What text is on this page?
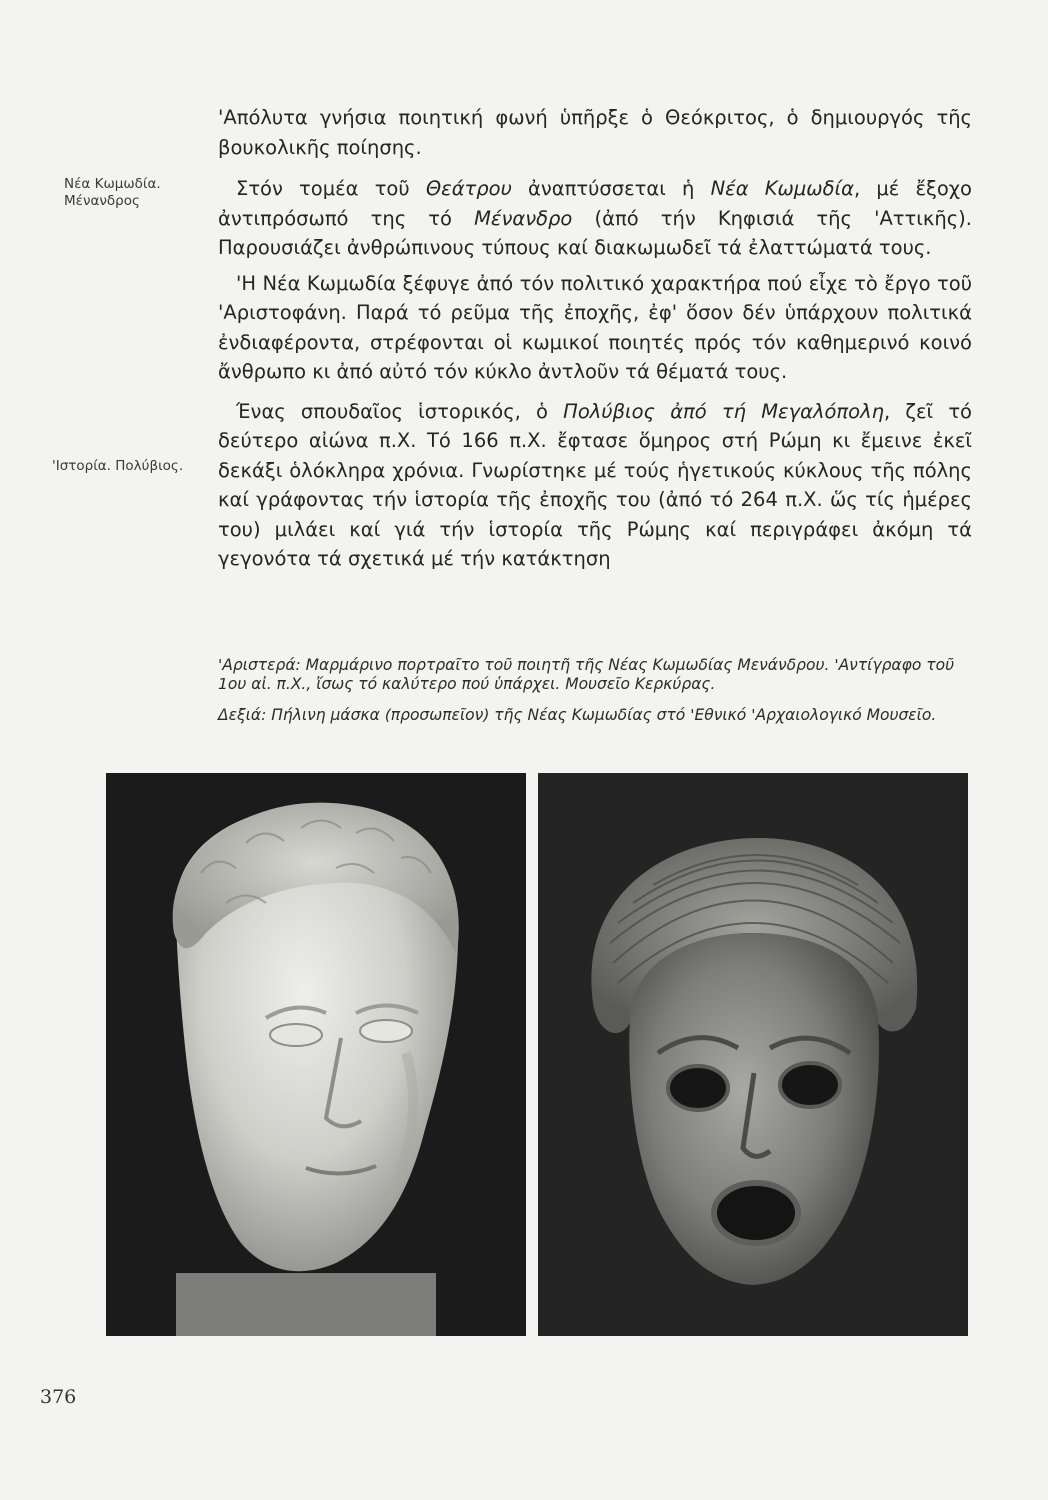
Νέα Κωμωδία. Μένανδρος
'Ιστορία. Πολύβιος.

'Απόλυτα γνήσια ποιητική φωνή ὑπῆρξε ὁ Θεόκριτος, ὁ δημιουργός τῆς βουκολικῆς ποίησης.

Στόν τομέα τοῦ Θεάτρου ἀναπτύσσεται ἡ Νέα Κωμωδία, μέ ἔξοχο ἀντιπρόσωπό της τό Μένανδρο (ἀπό τήν Κηφισιά τῆς 'Αττικῆς). Παρουσιάζει ἀνθρώπινους τύπους καί διακωμωδεῖ τά ἐλαττώματά τους.

'Η Νέα Κωμωδία ξέφυγε ἀπό τόν πολιτικό χαρακτήρα πού εἶχε τὸ ἔργο τοῦ 'Αριστοφάνη. Παρά τό ρεῦμα τῆς ἐποχῆς, ἐφ' ὅσον δέν ὑπάρχουν πολιτικά ἐνδιαφέροντα, στρέφονται οἱ κωμικοί ποιητές πρός τόν καθημερινό κοινό ἄνθρωπο κι ἀπό αὐτό τόν κύκλο ἀντλοῦν τά θέματά τους.

Ένας σπουδαῖος ἱστορικός, ὁ Πολύβιος ἀπό τή Μεγαλόπολη, ζεῖ τό δεύτερο αἰώνα π.Χ. Τό 166 π.Χ. ἔφτασε ὅμηρος στή Ρώμη κι ἔμεινε ἐκεῖ δεκάξι ὁλόκληρα χρόνια. Γνωρίστηκε μέ τούς ἡγετικούς κύκλους τῆς πόλης καί γράφοντας τήν ἱστορία τῆς ἐποχῆς του (ἀπό τό 264 π.Χ. ὥς τίς ἡμέρες του) μιλάει καί γιά τήν ἱστορία τῆς Ρώμης καί περιγράφει ἀκόμη τά γεγονότα τά σχετικά μέ τήν κατάκτηση

'Αριστερά: Μαρμάρινο πορτραῖτο τοῦ ποιητῆ τῆς Νέας Κωμωδίας Μενάνδρου. 'Αντίγραφο τοῦ 1ου αἰ. π.Χ., ἴσως τό καλύτερο πού ὑπάρχει. Μουσεῖο Κερκύρας.

Δεξιά: Πήλινη μάσκα (προσωπεῖον) τῆς Νέας Κωμωδίας στό 'Εθνικό 'Αρχαιολογικό Μουσεῖο.

376
